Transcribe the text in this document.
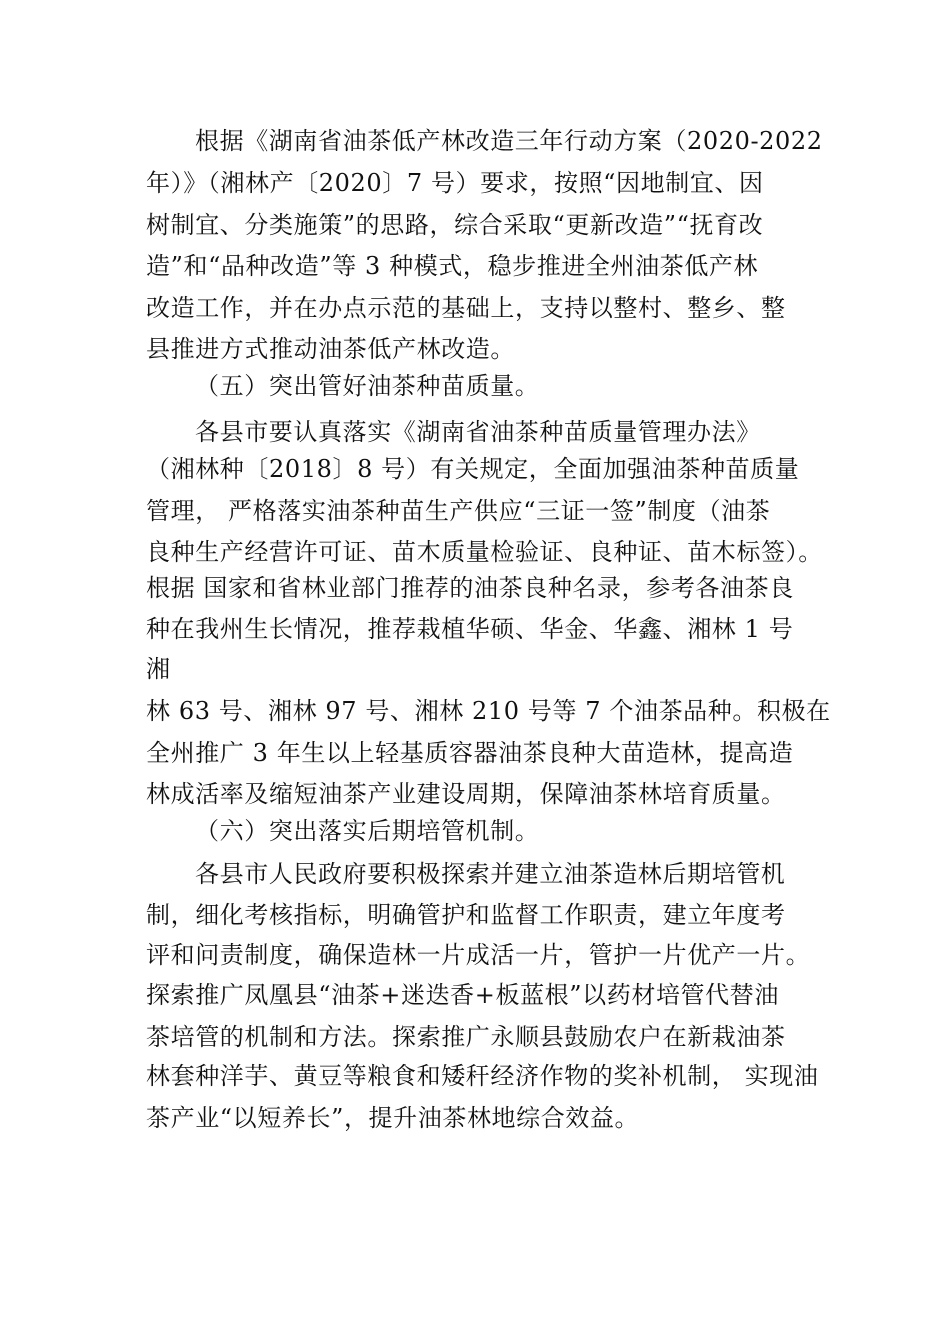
根据《湖南省油茶低产林改造三年行动方案（2020-2022
年）》（湘林产〔2020〕7 号）要求，按照“因地制宜、因
树制宜、分类施策”的思路，综合采取“更新改造”“抚育改
造”和“品种改造”等 3 种模式，稳步推进全州油茶低产林
改造工作，并在办点示范的基础上，支持以整村、整乡、整
县推进方式推动油茶低产林改造。
（五）突出管好油茶种苗质量。
各县市要认真落实《湖南省油茶种苗质量管理办法》
（湘林种〔2018〕8 号）有关规定，全面加强油茶种苗质量
管理， 严格落实油茶种苗生产供应“三证一签”制度（油茶
良种生产经营许可证、苗木质量检验证、良种证、苗木标签）。
根据 国家和省林业部门推荐的油茶良种名录，参考各油茶良
种在我州生长情况，推荐栽植华硕、华金、华鑫、湘林 1 号
湘
林 63 号、湘林 97 号、湘林 210 号等 7 个油茶品种。积极在
全州推广 3 年生以上轻基质容器油茶良种大苗造林，提高造
林成活率及缩短油茶产业建设周期，保障油茶林培育质量。
（六）突出落实后期培管机制。
各县市人民政府要积极探索并建立油茶造林后期培管机
制，细化考核指标，明确管护和监督工作职责，建立年度考
评和问责制度，确保造林一片成活一片，管护一片优产一片。
探索推广凤凰县“油茶+迷迭香+板蓝根”以药材培管代替油
茶培管的机制和方法。探索推广永顺县鼓励农户在新栽油茶
林套种洋芋、黄豆等粮食和矮秆经济作物的奖补机制， 实现油
茶产业“以短养长”，提升油茶林地综合效益。
